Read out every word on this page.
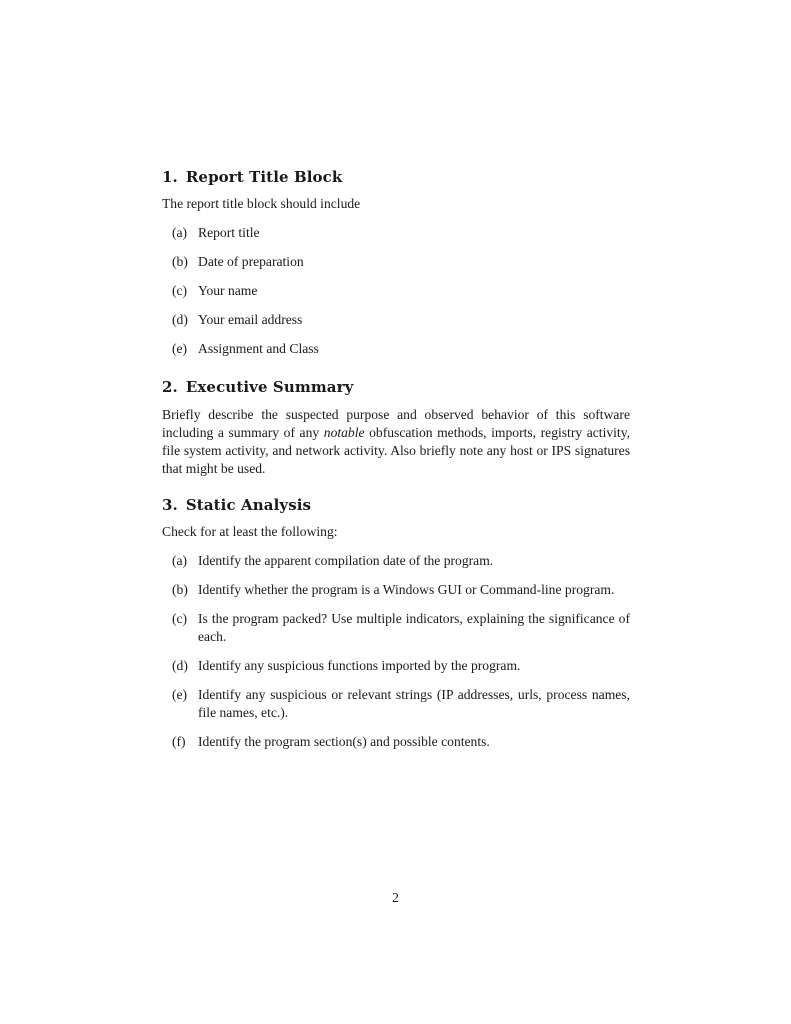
1. Report Title Block

The report title block should include

(a) Report title
(b) Date of preparation
(c) Your name
(d) Your email address
(e) Assignment and Class
2. Executive Summary

Briefly describe the suspected purpose and observed behavior of this software including a summary of any notable obfuscation methods, imports, registry activity, file system activity, and network activity. Also briefly note any host or IPS signatures that might be used.

3. Static Analysis

Check for at least the following:

(a) Identify the apparent compilation date of the program.
(b) Identify whether the program is a Windows GUI or Command-line program.
(c) Is the program packed? Use multiple indicators, explaining the significance of each.
(d) Identify any suspicious functions imported by the program.
(e) Identify any suspicious or relevant strings (IP addresses, urls, process names, file names, etc.).
(f) Identify the program section(s) and possible contents.
2
